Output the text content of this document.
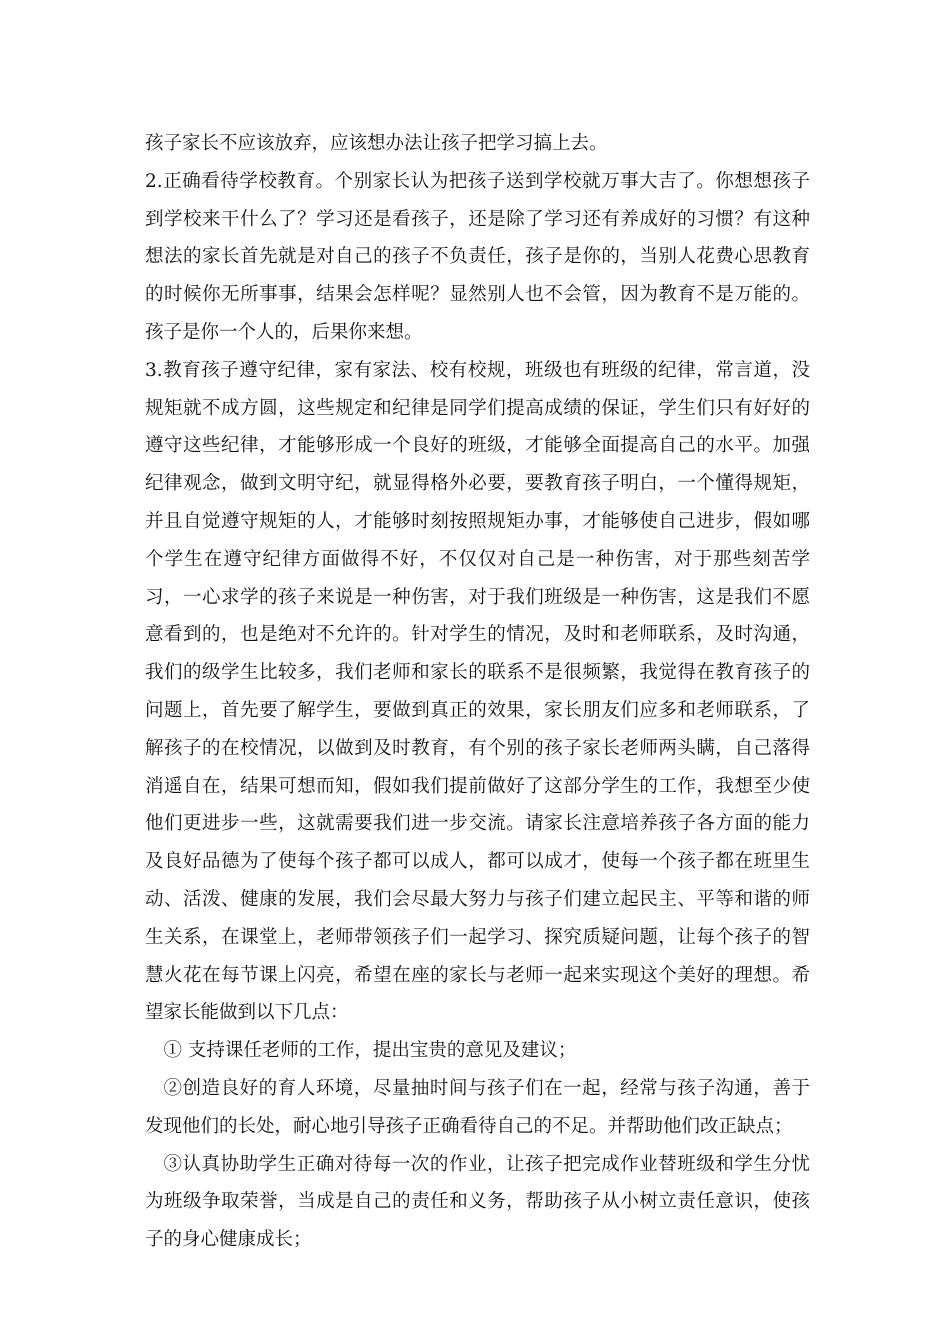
孩子家长不应该放弃，应该想办法让孩子把学习搞上去。

2.正确看待学校教育。个别家长认为把孩子送到学校就万事大吉了。你想想孩子到学校来干什么了？学习还是看孩子，还是除了学习还有养成好的习惯？有这种想法的家长首先就是对自己的孩子不负责任，孩子是你的，当别人花费心思教育的时候你无所事事，结果会怎样呢？显然别人也不会管，因为教育不是万能的。孩子是你一个人的，后果你来想。

3.教育孩子遵守纪律，家有家法、校有校规，班级也有班级的纪律，常言道，没规矩就不成方圆，这些规定和纪律是同学们提高成绩的保证，学生们只有好好的遵守这些纪律，才能够形成一个良好的班级，才能够全面提高自己的水平。加强纪律观念，做到文明守纪，就显得格外必要，要教育孩子明白，一个懂得规矩，并且自觉遵守规矩的人，才能够时刻按照规矩办事，才能够使自己进步，假如哪个学生在遵守纪律方面做得不好，不仅仅对自己是一种伤害，对于那些刻苦学习，一心求学的孩子来说是一种伤害，对于我们班级是一种伤害，这是我们不愿意看到的，也是绝对不允许的。针对学生的情况，及时和老师联系，及时沟通，我们的级学生比较多，我们老师和家长的联系不是很频繁，我觉得在教育孩子的问题上，首先要了解学生，要做到真正的效果，家长朋友们应多和老师联系，了解孩子的在校情况，以做到及时教育，有个别的孩子家长老师两头瞒，自己落得消遥自在，结果可想而知，假如我们提前做好了这部分学生的工作，我想至少使他们更进步一些，这就需要我们进一步交流。请家长注意培养孩子各方面的能力及良好品德为了使每个孩子都可以成人，都可以成才，使每一个孩子都在班里生动、活泼、健康的发展，我们会尽最大努力与孩子们建立起民主、平等和谐的师生关系，在课堂上，老师带领孩子们一起学习、探究质疑问题，让每个孩子的智慧火花在每节课上闪亮，希望在座的家长与老师一起来实现这个美好的理想。希望家长能做到以下几点：

① 支持课任老师的工作，提出宝贵的意见及建议；

②创造良好的育人环境，尽量抽时间与孩子们在一起，经常与孩子沟通，善于发现他们的长处，耐心地引导孩子正确看待自己的不足。并帮助他们改正缺点；

③认真协助学生正确对待每一次的作业，让孩子把完成作业替班级和学生分忧为班级争取荣誉，当成是自己的责任和义务，帮助孩子从小树立责任意识，使孩子的身心健康成长；
